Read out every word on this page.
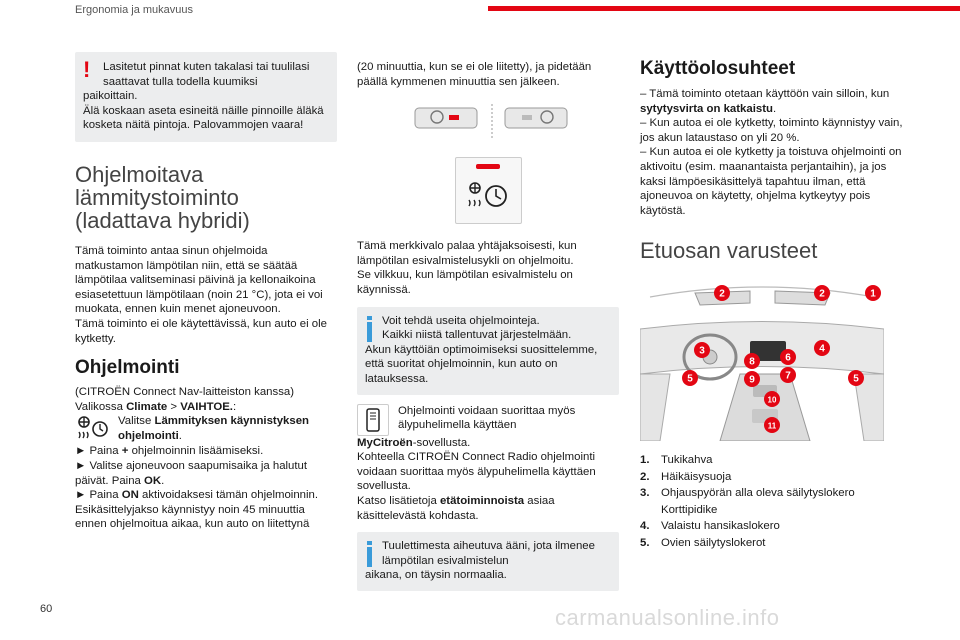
Ergonomia ja mukavuus
!	Lasitetut pinnat kuten takalasi tai tuulilasi

saattavat tulla todella kuumiksi

paikoittain.

Älä koskaan aseta esineitä näille pinnoille äläkä kosketa näitä pintoja. Palovammojen vaara!

Ohjelmoitava lämmitystoiminto (ladattava hybridi)

Tämä toiminto antaa sinun ohjelmoida matkustamon lämpötilan niin, että se säätää lämpötilaa valitseminasi päivinä ja kellonaikoina esiasetettuun lämpötilaan (noin 21 °C), jota ei voi muokata, ennen kuin menet ajoneuvoon.

Tämä toiminto ei ole käytettävissä, kun auto ei ole kytketty.

Ohjelmointi

(CITROËN Connect Nav-laitteiston kanssa)

Valikossa Climate > VAIHTOE.:

Valitse Lämmityksen käynnistyksen ohjelmointi.

► Paina + ohjelmoinnin lisäämiseksi.

► Valitse ajoneuvoon saapumisaika ja halutut päivät. Paina OK.

► Paina ON aktivoidaksesi tämän ohjelmoinnin.

Esikäsittelyjakso käynnistyy noin 45 minuuttia ennen ohjelmoitua aikaa, kun auto on liitettynä

(20 minuuttia, kun se ei ole liitetty), ja pidetään päällä kymmenen minuuttia sen jälkeen.

Tämä merkkivalo palaa yhtäjaksoisesti, kun lämpötilan esivalmistelusykli on ohjelmoitu.

Se vilkkuu, kun lämpötilan esivalmistelu on käynnissä.

Voit tehdä useita ohjelmointeja.

Kaikki niistä tallentuvat järjestelmään.

Akun käyttöiän optimoimiseksi suosittelemme, että suoritat ohjelmoinnin, kun auto on latauksessa.

Ohjelmointi voidaan suorittaa myös älypuhelimella käyttäen

MyCitroën-sovellusta.

Kohteella CITROËN Connect Radio ohjelmointi voidaan suorittaa myös älypuhelimella käyttäen sovellusta.

Katso lisätietoja etätoiminnoista asiaa käsittelevästä kohdasta.

Tuulettimesta aiheutuva ääni, jota ilmenee lämpötilan esivalmistelun

aikana, on täysin normaalia.

Käyttöolosuhteet

– Tämä toiminto otetaan käyttöön vain silloin, kun sytytysvirta on katkaistu.

– Kun autoa ei ole kytketty, toiminto käynnistyy vain, jos akun lataustaso on yli 20 %.

– Kun autoa ei ole kytketty ja toistuva ohjelmointi on aktivoitu (esim. maanantaista perjantaihin), ja jos kaksi lämpöesikäsittelyä tapahtuu ilman, että ajoneuvoa on käytetty, ohjelma kytkeytyy pois käytöstä.

Etuosan varusteet
1
2	2
3	4
5	5
6
7
8
9
10
11
1.	Tukikahva
2.	Häikäisysuoja
3.	Ohjauspyörän alla oleva säilytyslokero
Korttipidike
4.	Valaistu hansikaslokero
5.	Ovien säilytyslokerot
60	carmanualsonline.info
